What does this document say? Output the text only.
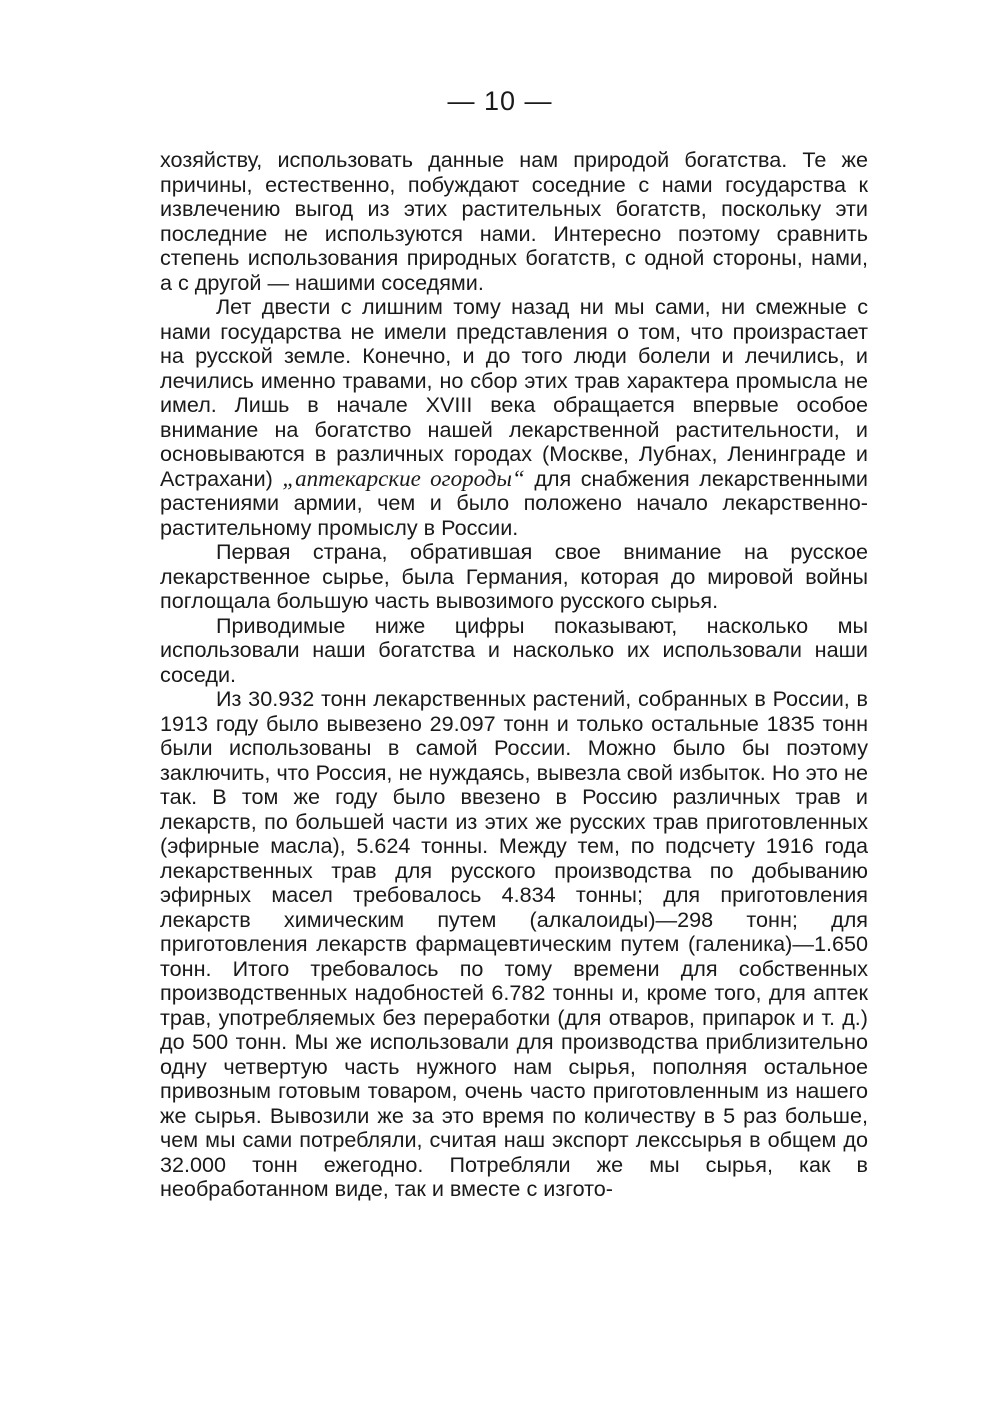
— 10 —

хозяйству, использовать данные нам природой богатства. Те же причины, естественно, побуждают соседние с нами государства к извлечению выгод из этих растительных богатств, поскольку эти последние не используются нами. Интересно поэтому сравнить степень использования природных богатств, с одной стороны, нами, а с другой — нашими соседями.

Лет двести с лишним тому назад ни мы сами, ни смежные с нами государства не имели представления о том, что произрастает на русской земле. Конечно, и до того люди болели и лечились, и лечились именно травами, но сбор этих трав характера промысла не имел. Лишь в начале XVIII века обращается впервые особое внимание на богатство нашей лекарственной растительности, и основываются в различных городах (Москве, Лубнах, Ленинграде и Астрахани) „аптекарские огороды“ для снабжения лекарственными растениями армии, чем и было положено начало лекарственно-растительному промыслу в России.

Первая страна, обратившая свое внимание на русское лекарственное сырье, была Германия, которая до мировой войны поглощала большую часть вывозимого русского сырья.

Приводимые ниже цифры показывают, насколько мы использовали наши богатства и насколько их использовали наши соседи.

Из 30.932 тонн лекарственных растений, собранных в России, в 1913 году было вывезено 29.097 тонн и только остальные 1835 тонн были использованы в самой России. Можно было бы поэтому заключить, что Россия, не нуждаясь, вывезла свой избыток. Но это не так. В том же году было ввезено в Россию различных трав и лекарств, по большей части из этих же русских трав приготовленных (эфирные масла), 5.624 тонны. Между тем, по подсчету 1916 года лекарственных трав для русского производства по добыванию эфирных масел требовалось 4.834 тонны; для приготовления лекарств химическим путем (алкалоиды)—298 тонн; для приготовления лекарств фармацевтическим путем (галеника)—1.650 тонн. Итого требовалось по тому времени для собственных производственных надобностей 6.782 тонны и, кроме того, для аптек трав, употребляемых без переработки (для отваров, припарок и т. д.) до 500 тонн. Мы же использовали для производства приблизительно одну четвертую часть нужного нам сырья, пополняя остальное привозным готовым товаром, очень часто приготовленным из нашего же сырья. Вывозили же за это время по количеству в 5 раз больше, чем мы сами потребляли, считая наш экспорт лекссырья в общем до 32.000 тонн ежегодно. Потребляли же мы сырья, как в необработанном виде, так и вместе с изгото-
